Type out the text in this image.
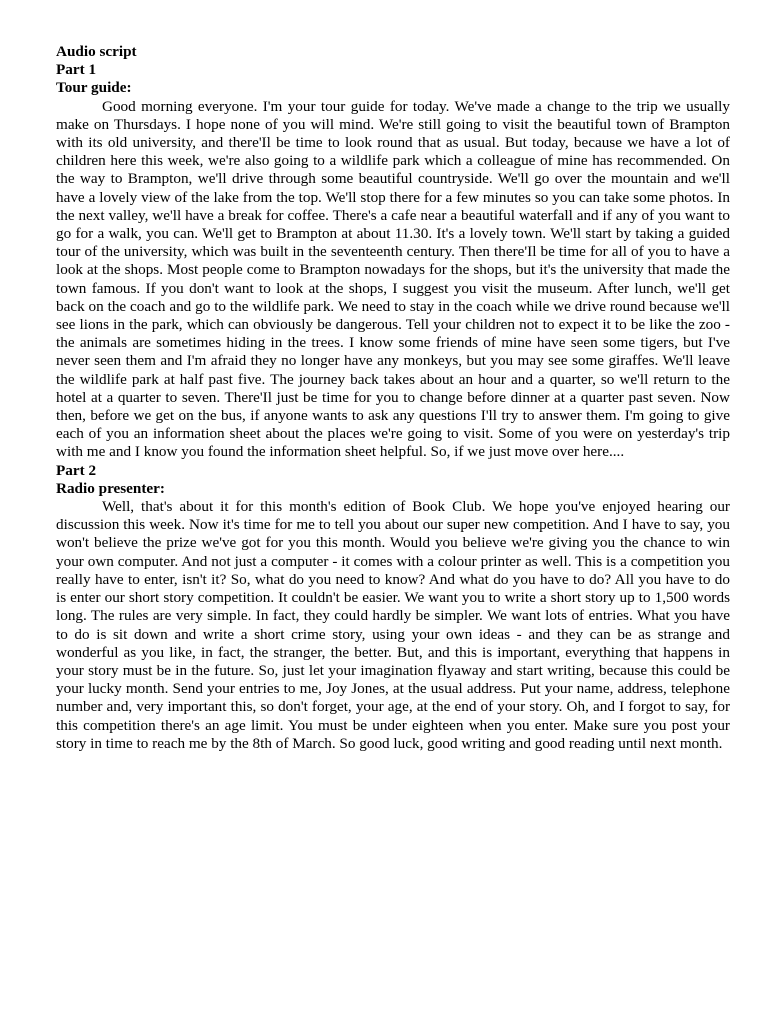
Audio script
Part 1
Tour guide:

Good morning everyone. I'm your tour guide for today. We've made a change to the trip we usually make on Thursdays. I hope none of you will mind. We're still going to visit the beautiful town of Brampton with its old university, and there'Il be time to look round that as usual. But today, because we have a lot of children here this week, we're also going to a wildlife park which a colleague of mine has recommended. On the way to Brampton, we'll drive through some beautiful countryside. We'll go over the mountain and we'll have a lovely view of the lake from the top. We'll stop there for a few minutes so you can take some photos. In the next valley, we'll have a break for coffee. There's a cafe near a beautiful waterfall and if any of you want to go for a walk, you can. We'll get to Brampton at about 11.30. It's a lovely town. We'll start by taking a guided tour of the university, which was built in the seventeenth century. Then there'Il be time for all of you to have a look at the shops. Most people come to Brampton nowadays for the shops, but it's the university that made the town famous. If you don't want to look at the shops, I suggest you visit the museum. After lunch, we'll get back on the coach and go to the wildlife park. We need to stay in the coach while we drive round because we'll see lions in the park, which can obviously be dangerous. Tell your children not to expect it to be like the zoo - the animals are sometimes hiding in the trees. I know some friends of mine have seen some tigers, but I've never seen them and I'm afraid they no longer have any monkeys, but you may see some giraffes. We'll leave the wildlife park at half past five. The journey back takes about an hour and a quarter, so we'll return to the hotel at a quarter to seven. There'Il just be time for you to change before dinner at a quarter past seven. Now then, before we get on the bus, if anyone wants to ask any questions I'll try to answer them. I'm going to give each of you an information sheet about the places we're going to visit. Some of you were on yesterday's trip with me and I know you found the information sheet helpful. So, if we just move over here....

Part 2
Radio presenter:

Well, that's about it for this month's edition of Book Club. We hope you've enjoyed hearing our discussion this week. Now it's time for me to tell you about our super new competition. And I have to say, you won't believe the prize we've got for you this month. Would you believe we're giving you the chance to win your own computer. And not just a computer - it comes with a colour printer as well. This is a competition you really have to enter, isn't it? So, what do you need to know? And what do you have to do? All you have to do is enter our short story competition. It couldn't be easier. We want you to write a short story up to 1,500 words long. The rules are very simple. In fact, they could hardly be simpler. We want lots of entries. What you have to do is sit down and write a short crime story, using your own ideas - and they can be as strange and wonderful as you like, in fact, the stranger, the better. But, and this is important, everything that happens in your story must be in the future. So, just let your imagination flyaway and start writing, because this could be your lucky month. Send your entries to me, Joy Jones, at the usual address. Put your name, address, telephone number and, very important this, so don't forget, your age, at the end of your story. Oh, and I forgot to say, for this competition there's an age limit. You must be under eighteen when you enter. Make sure you post your story in time to reach me by the 8th of March. So good luck, good writing and good reading until next month.
